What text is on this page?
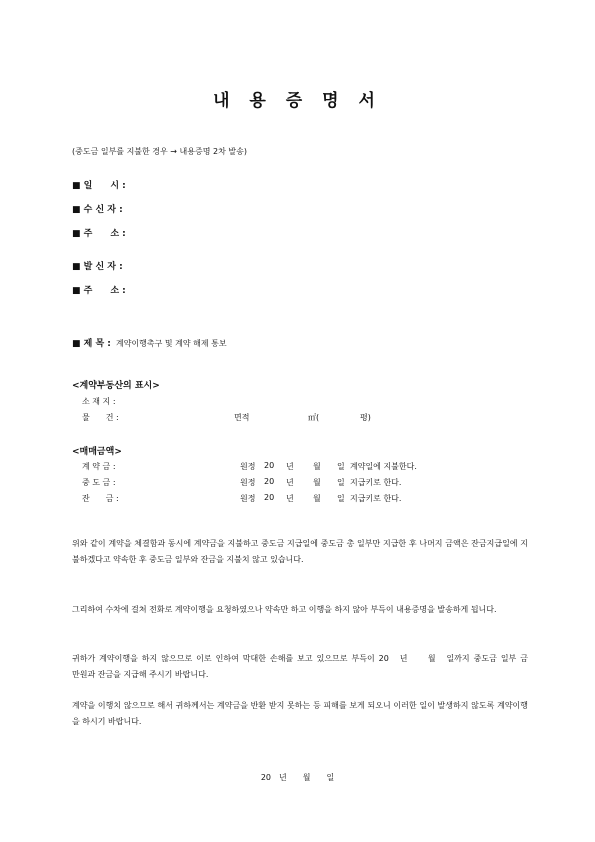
내 용 증 명 서
(중도금 일부를 지불한 경우 → 내용증명 2차 발송)
■ 일　　시 :
■ 수 신 자 :
■ 주　　소 :
■ 발 신 자 :
■ 주　　소 :
■ 제 목 : 계약이행촉구 및 계약 해제 통보
<계약부동산의 표시>
소 재 지 :
물　　건 :	면적	㎡(	평)
<매매금액>
계 약 금 :	원정 20 년 월 일 계약일에 지불한다.
중 도 금 :	원정 20 년 월 일 지급키로 한다.
잔　　금 :	원정 20 년 월 일 지급키로 한다.
위와 같이 계약을 체결함과 동시에 계약금을 지불하고 중도금 지급일에 중도금 총 일부만 지급한 후 나머지 금액은 잔금지급일에 지불하겠다고 약속한 후 중도금 일부와 잔금을 지불치 않고 있습니다.
그리하여 수차에 걸쳐 전화로 계약이행을 요청하였으나 약속만 하고 이행을 하지 않아 부득이 내용증명을 발송하게 됩니다.
귀하가 계약이행을 하지 않으므로 이로 인하여 막대한 손해를 보고 있으므로 부득이 20　년　　월　일까지 중도금 일부 금　　　　　　　　만원과 잔금을 지급해 주시기 바랍니다.
계약을 이행치 않으므로 해서 귀하께서는 계약금을 반환 받지 못하는 등 피해를 보게 되오니 이러한 일이 발생하지 않도록 계약이행을 하시기 바랍니다.
20　년　　월　　일
